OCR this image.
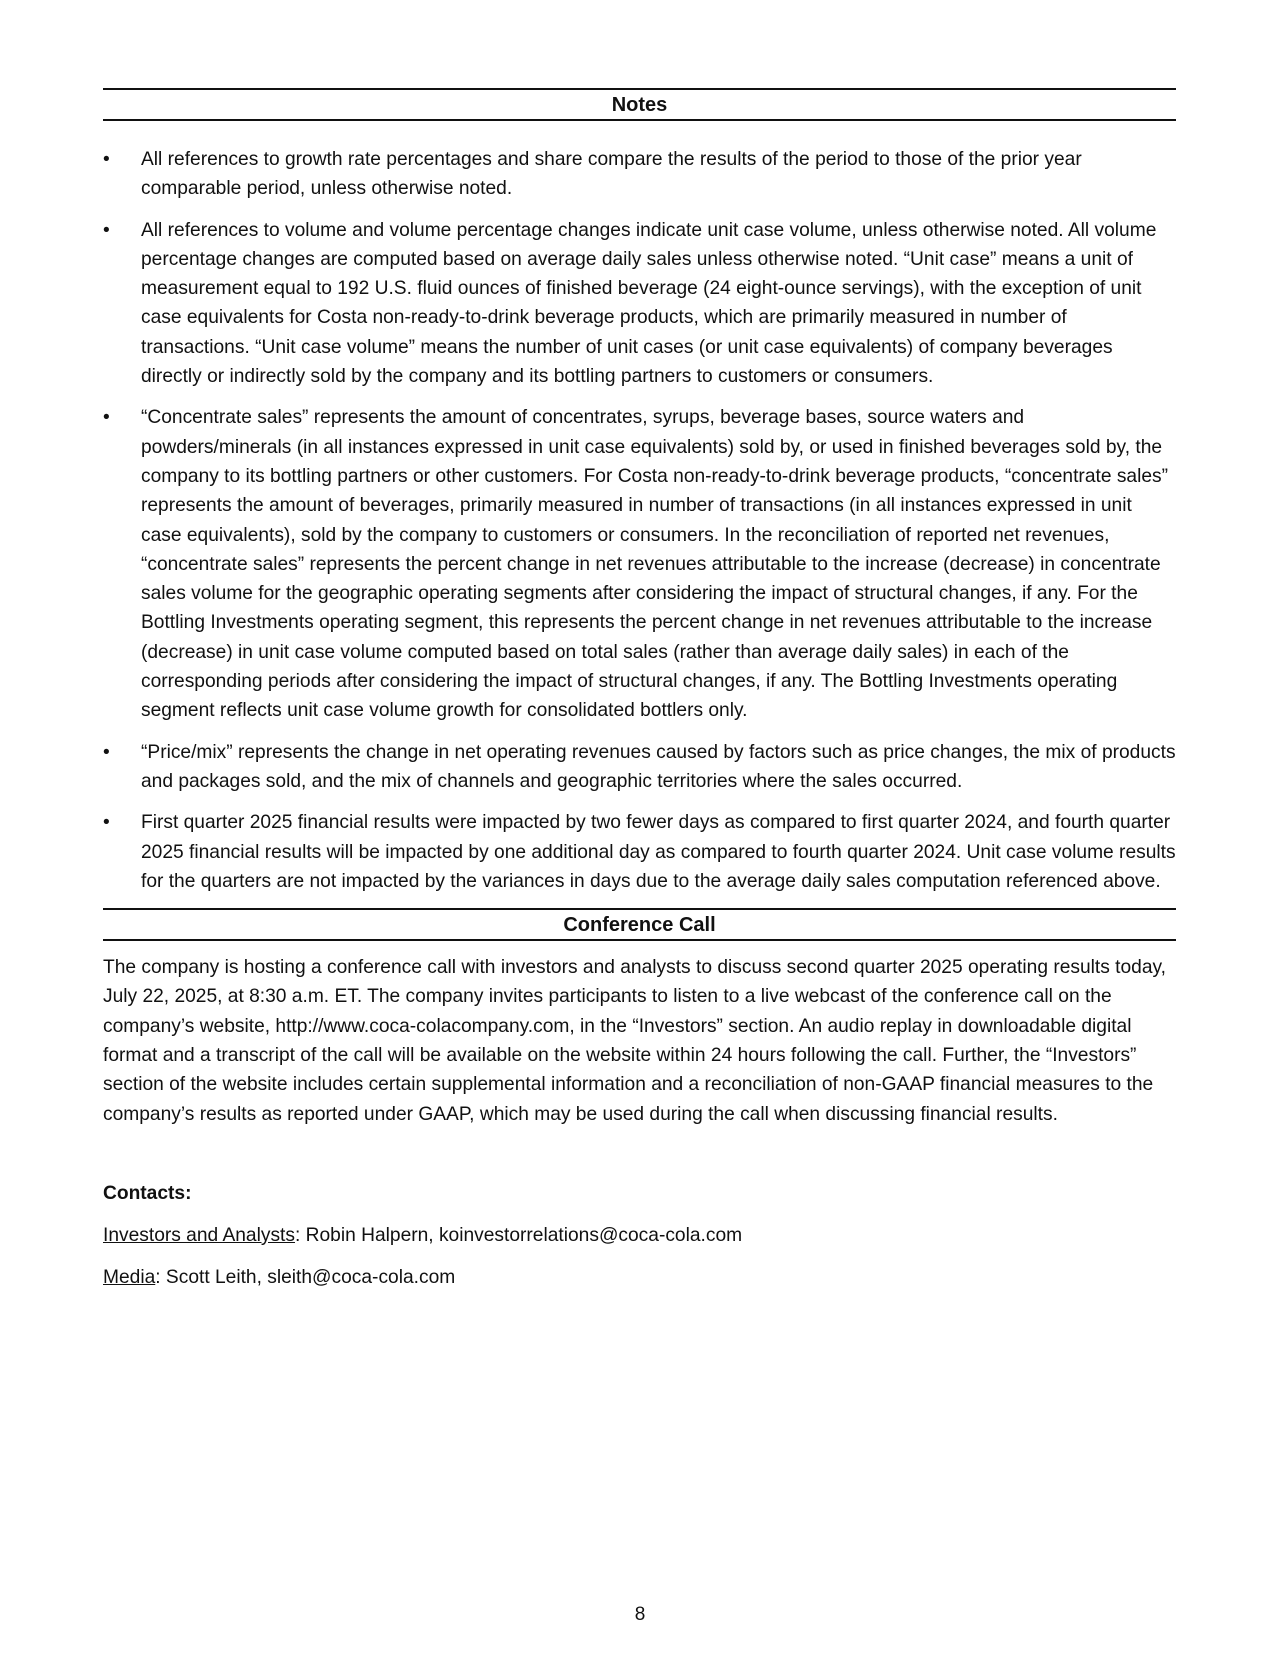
Notes
• All references to growth rate percentages and share compare the results of the period to those of the prior year comparable period, unless otherwise noted.
• All references to volume and volume percentage changes indicate unit case volume, unless otherwise noted. All volume percentage changes are computed based on average daily sales unless otherwise noted. “Unit case” means a unit of measurement equal to 192 U.S. fluid ounces of finished beverage (24 eight-ounce servings), with the exception of unit case equivalents for Costa non-ready-to-drink beverage products, which are primarily measured in number of transactions. “Unit case volume” means the number of unit cases (or unit case equivalents) of company beverages directly or indirectly sold by the company and its bottling partners to customers or consumers.
• “Concentrate sales” represents the amount of concentrates, syrups, beverage bases, source waters and powders/minerals (in all instances expressed in unit case equivalents) sold by, or used in finished beverages sold by, the company to its bottling partners or other customers. For Costa non-ready-to-drink beverage products, “concentrate sales” represents the amount of beverages, primarily measured in number of transactions (in all instances expressed in unit case equivalents), sold by the company to customers or consumers. In the reconciliation of reported net revenues, “concentrate sales” represents the percent change in net revenues attributable to the increase (decrease) in concentrate sales volume for the geographic operating segments after considering the impact of structural changes, if any. For the Bottling Investments operating segment, this represents the percent change in net revenues attributable to the increase (decrease) in unit case volume computed based on total sales (rather than average daily sales) in each of the corresponding periods after considering the impact of structural changes, if any. The Bottling Investments operating segment reflects unit case volume growth for consolidated bottlers only.
• “Price/mix” represents the change in net operating revenues caused by factors such as price changes, the mix of products and packages sold, and the mix of channels and geographic territories where the sales occurred.
• First quarter 2025 financial results were impacted by two fewer days as compared to first quarter 2024, and fourth quarter 2025 financial results will be impacted by one additional day as compared to fourth quarter 2024. Unit case volume results for the quarters are not impacted by the variances in days due to the average daily sales computation referenced above.
Conference Call
The company is hosting a conference call with investors and analysts to discuss second quarter 2025 operating results today, July 22, 2025, at 8:30 a.m. ET. The company invites participants to listen to a live webcast of the conference call on the company’s website, http://www.coca-colacompany.com, in the “Investors” section. An audio replay in downloadable digital format and a transcript of the call will be available on the website within 24 hours following the call. Further, the “Investors” section of the website includes certain supplemental information and a reconciliation of non-GAAP financial measures to the company’s results as reported under GAAP, which may be used during the call when discussing financial results.
Contacts:
Investors and Analysts: Robin Halpern, koinvestorrelations@coca-cola.com
Media: Scott Leith, sleith@coca-cola.com
8
